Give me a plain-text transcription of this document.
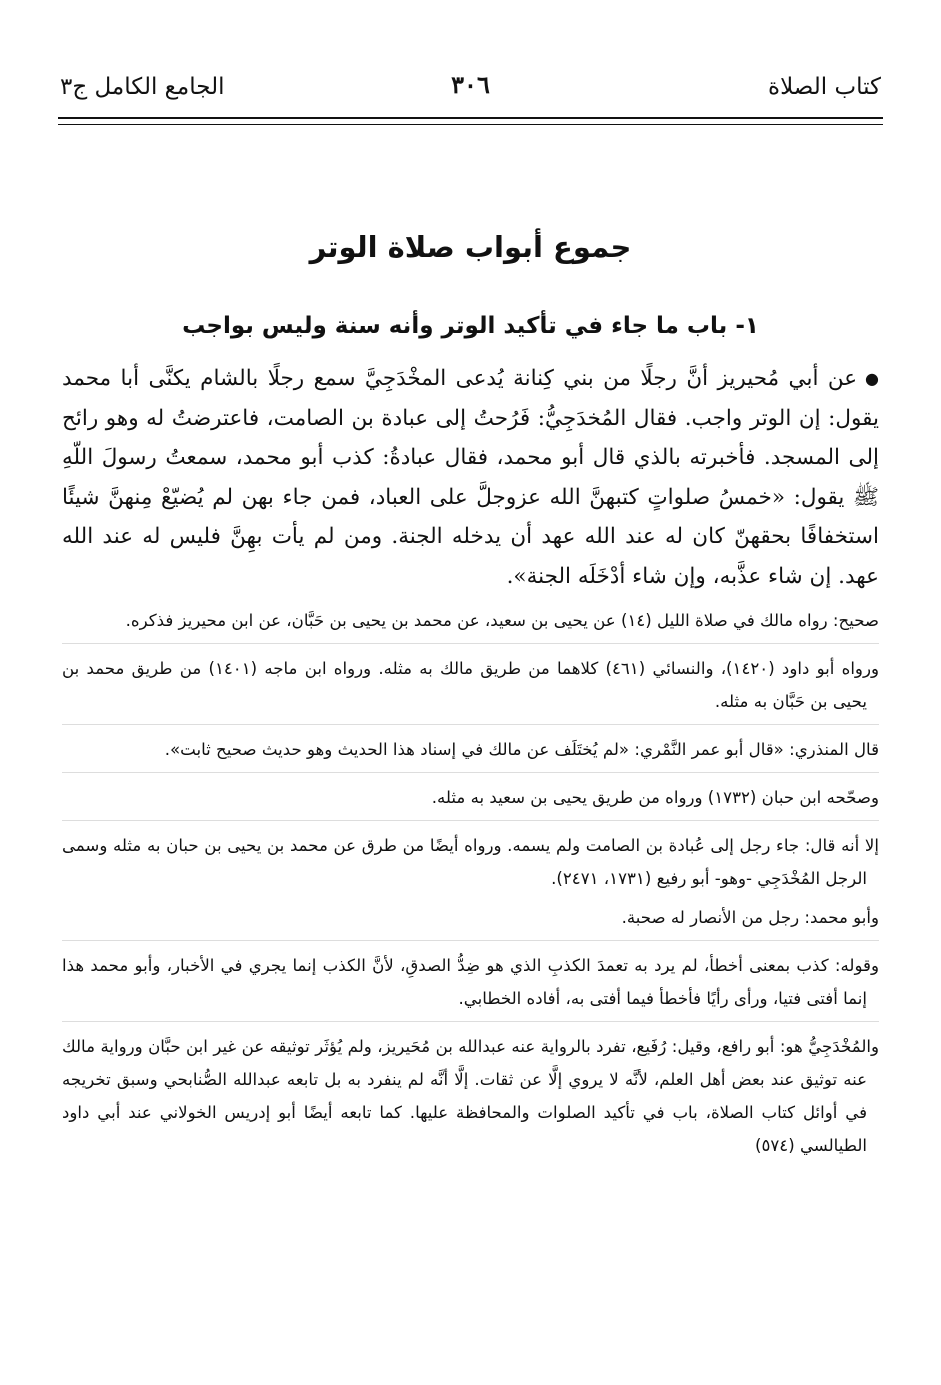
كتاب الصلاة
٣٠٦
الجامع الكامل ج٣
جموع أبواب صلاة الوتر
١- باب ما جاء في تأكيد الوتر وأنه سنة وليس بواجب

●عن أبي مُحيريز أنَّ رجلًا من بني كِنانة يُدعى المخْدَجِيَّ سمع رجلًا بالشام يكنَّى أبا محمد يقول: إن الوتر واجب. فقال المُخدَجِيُّ: فَرُحتُ إلى عبادة بن الصامت، فاعترضتُ له وهو رائح إلى المسجد. فأخبرته بالذي قال أبو محمد، فقال عبادةُ: كذب أبو محمد، سمعتُ رسولَ اللّهِ ﷺ يقول: «خمسُ صلواتٍ كتبهنَّ الله عزوجلَّ على العباد، فمن جاء بهن لم يُضيّعْ مِنهنَّ شيئًا استخفافًا بحقهنّ كان له عند الله عهد أن يدخله الجنة. ومن لم يأت بهِنَّ فليس له عند الله عهد. إن شاء عذَّبه، وإن شاء أدْخَلَه الجنة».

صحيح: رواه مالك في صلاة الليل (١٤) عن يحيى بن سعيد، عن محمد بن يحيى بن حَبَّان، عن ابن محيريز فذكره.

ورواه أبو داود (١٤٢٠)، والنسائي (٤٦١) كلاهما من طريق مالك به مثله. ورواه ابن ماجه (١٤٠١) من طريق محمد بن يحيى بن حَبَّان به مثله.

قال المنذري: «قال أبو عمر النَّمْري: «لم يُختَلَف عن مالك في إسناد هذا الحديث وهو حديث صحيح ثابت».

وصحّحه ابن حبان (١٧٣٢) ورواه من طريق يحيى بن سعيد به مثله.

إلا أنه قال: جاء رجل إلى عُبادة بن الصامت ولم يسمه. ورواه أيضًا من طرق عن محمد بن يحيى بن حبان به مثله وسمى الرجل المُخْدَجِي -وهو- أبو رفيع (١٧٣١، ٢٤٧١).

وأبو محمد: رجل من الأنصار له صحبة.

وقوله: كذب بمعنى أخطأ، لم يرد به تعمدَ الكذبِ الذي هو ضِدُّ الصدقِ، لأنَّ الكذب إنما يجري في الأخبار، وأبو محمد هذا إنما أفتى فتيا، ورأى رأيًا فأخطأ فيما أفتى به، أفاده الخطابي.

والمُخْدَجِيُّ هو: أبو رافع، وقيل: رُفَيع، تفرد بالرواية عنه عبدالله بن مُحَيريز، ولم يُؤثَر توثيقه عن غير ابن حبَّان ورواية مالك عنه توثيق عند بعض أهل العلم، لأنَّه لا يروي إلَّا عن ثقات. إلَّا أنَّه لم ينفرد به بل تابعه عبدالله الصُّنابحي وسبق تخريجه في أوائل كتاب الصلاة، باب في تأكيد الصلوات والمحافظة عليها. كما تابعه أيضًا أبو إدريس الخولاني عند أبي داود الطيالسي (٥٧٤)
